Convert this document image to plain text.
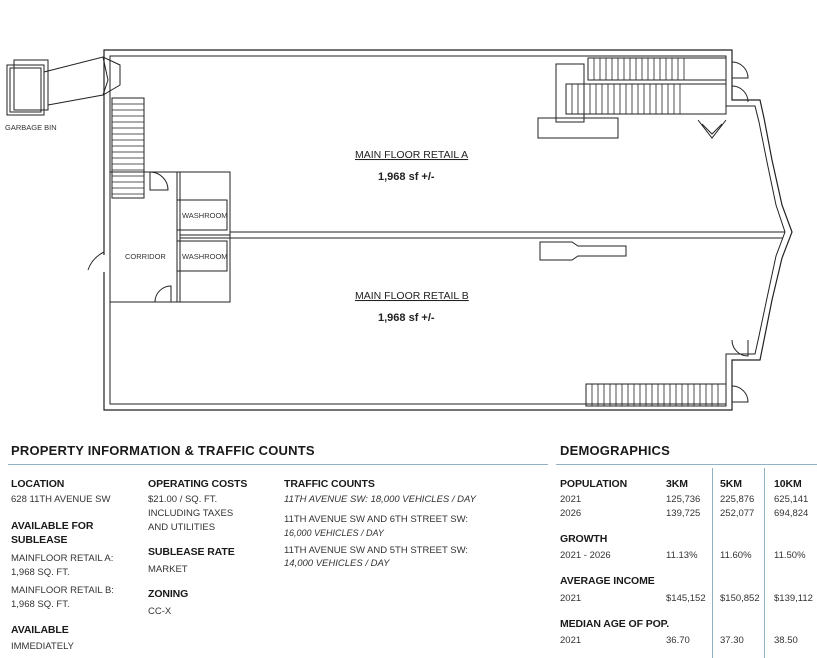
GARBAGE BIN
MAIN FLOOR RETAIL A
1,968 sf +/-
MAIN FLOOR RETAIL B
1,968 sf +/-
WASHROOM
WASHROOM
CORRIDOR
PROPERTY INFORMATION & TRAFFIC COUNTS
LOCATION
628 11TH AVENUE SW
AVAILABLE FOR
SUBLEASE
MAINFLOOR RETAIL A:
1,968 SQ. FT.
MAINFLOOR RETAIL B:
1,968 SQ. FT.
AVAILABLE
IMMEDIATELY
OPERATING COSTS
$21.00 / SQ. FT.
INCLUDING TAXES
AND UTILITIES
SUBLEASE RATE
MARKET
ZONING
CC-X
TRAFFIC COUNTS
11TH AVENUE SW: 18,000 VEHICLES / DAY
11TH AVENUE SW AND 6TH STREET SW:
16,000 VEHICLES / DAY
11TH AVENUE SW AND 5TH STREET SW:
14,000 VEHICLES / DAY
DEMOGRAPHICS
POPULATION	3KM	5KM	10KM
2021	125,736 225,876 625,141
2026	139,725 252,077 694,824
GROWTH
2021 - 2026	11.13% 11.60% 11.50%
AVERAGE INCOME
2021	$145,152 $150,852 $139,112
MEDIAN AGE OF POP.
2021	36.70	37.30	38.50
